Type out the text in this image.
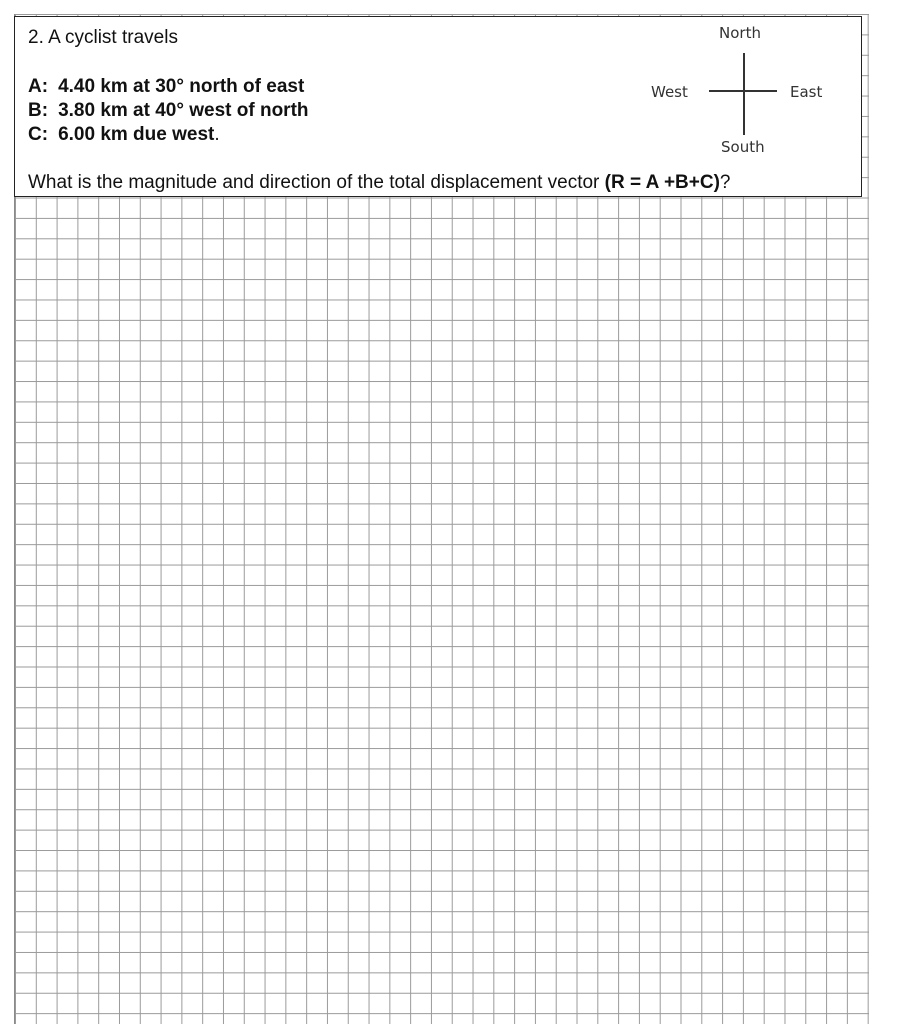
2. A cyclist travels
A: 4.40 km at 30° north of east
B: 3.80 km at 40° west of north
C: 6.00 km due west.
What is the magnitude and direction of the total displacement vector (R = A +B+C)?
North
West	East
South
